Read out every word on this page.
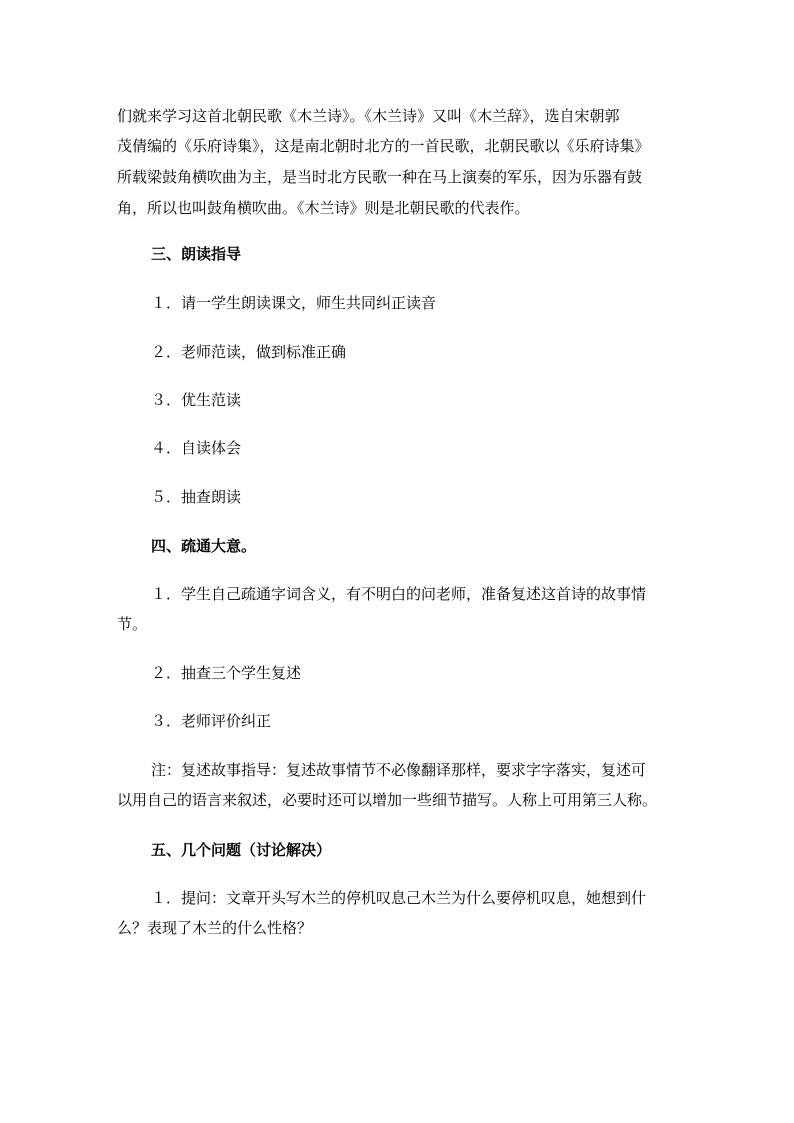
们就来学习这首北朝民歌《木兰诗》。《木兰诗》又叫《木兰辞》，选自宋朝郭
茂倩编的《乐府诗集》，这是南北朝时北方的一首民歌，北朝民歌以《乐府诗集》
所载梁鼓角横吹曲为主，是当时北方民歌一种在马上演奏的军乐，因为乐器有鼓
角，所以也叫鼓角横吹曲。《木兰诗》则是北朝民歌的代表作。
三、朗读指导
１．请一学生朗读课文，师生共同纠正读音
２．老师范读，做到标准正确
３．优生范读
４．自读体会
５．抽查朗读
四、疏通大意。
１．学生自己疏通字词含义，有不明白的问老师，准备复述这首诗的故事情
节。
２．抽查三个学生复述
３．老师评价纠正
注：复述故事指导：复述故事情节不必像翻译那样，要求字字落实，复述可
以用自己的语言来叙述，必要时还可以增加一些细节描写。人称上可用第三人称。
五、几个问题（讨论解决）
１．提问：文章开头写木兰的停机叹息己木兰为什么要停机叹息，她想到什
么？表现了木兰的什么性格？
